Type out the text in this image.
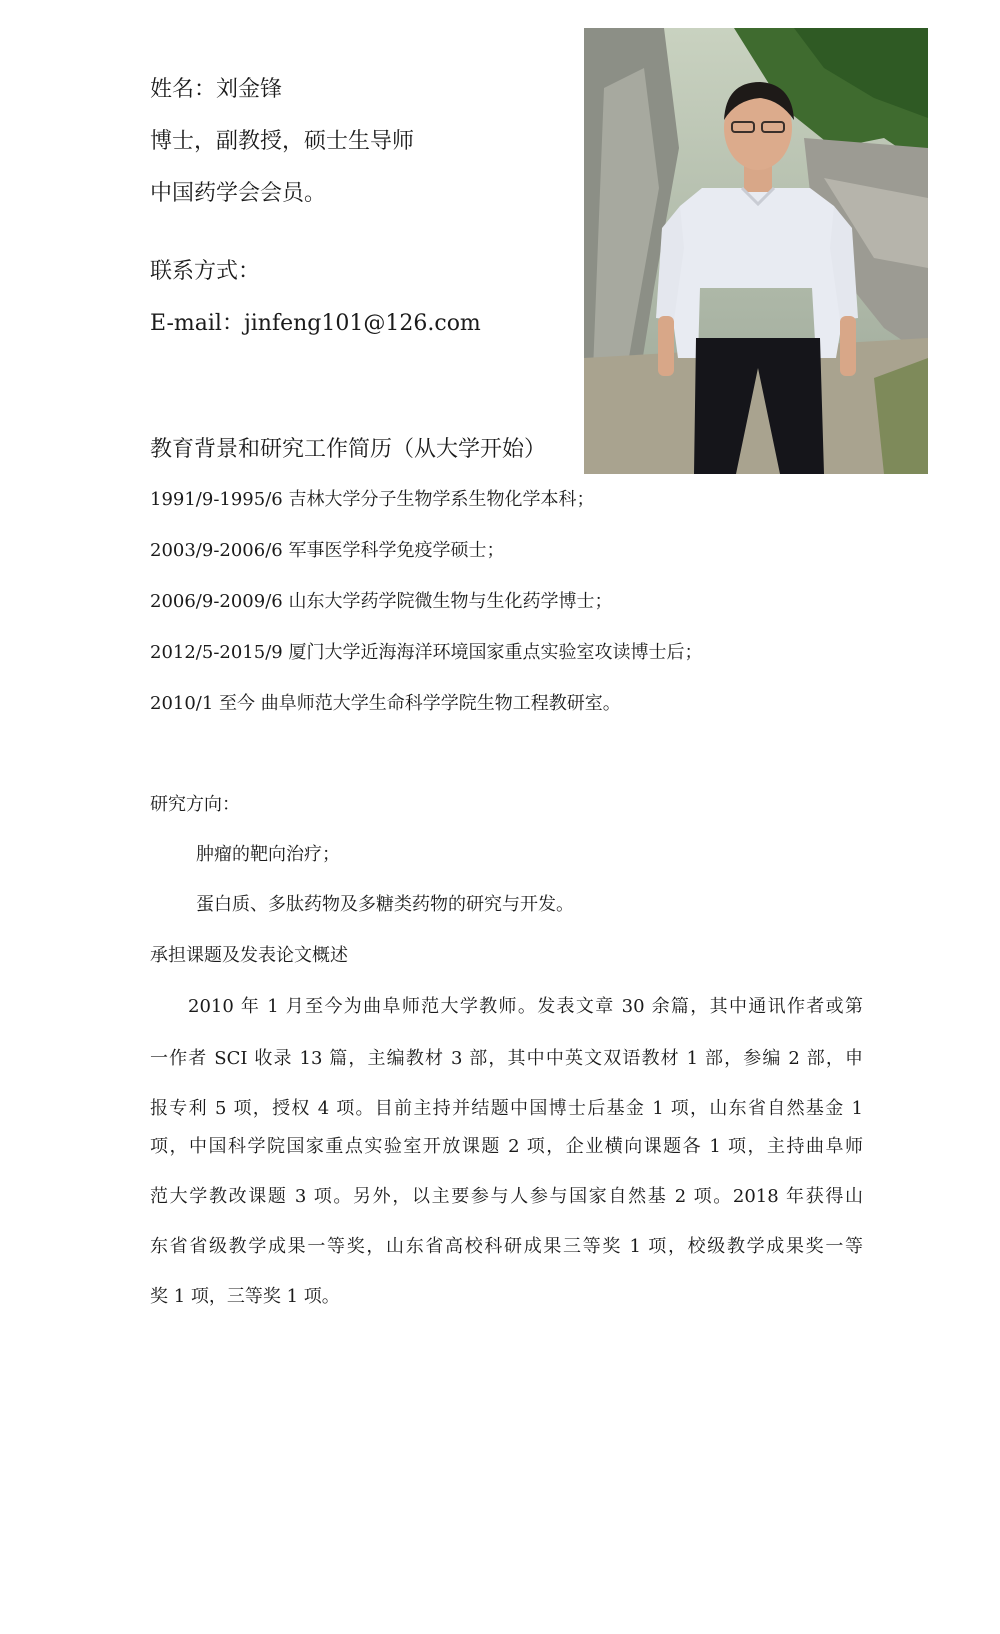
姓名：刘金锋
博士，副教授，硕士生导师
中国药学会会员。
联系方式：
E-mail：jinfeng101@126.com
教育背景和研究工作简历（从大学开始）
1991/9-1995/6 吉林大学分子生物学系生物化学本科；
2003/9-2006/6 军事医学科学免疫学硕士；
2006/9-2009/6 山东大学药学院微生物与生化药学博士；
2012/5-2015/9 厦门大学近海海洋环境国家重点实验室攻读博士后；
2010/1 至今 曲阜师范大学生命科学学院生物工程教研室。
研究方向：
肿瘤的靶向治疗；
蛋白质、多肽药物及多糖类药物的研究与开发。
承担课题及发表论文概述
2010 年 1 月至今为曲阜师范大学教师。发表文章 30 余篇，其中通讯作者或第
一作者 SCI 收录 13 篇，主编教材 3 部，其中中英文双语教材 1 部，参编 2 部，申
报专利 5 项，授权 4 项。目前主持并结题中国博士后基金 1 项，山东省自然基金 1
项，中国科学院国家重点实验室开放课题 2 项，企业横向课题各 1 项，主持曲阜师
范大学教改课题 3 项。另外，以主要参与人参与国家自然基 2 项。2018 年获得山
东省省级教学成果一等奖，山东省高校科研成果三等奖 1 项，校级教学成果奖一等
奖 1 项，三等奖 1 项。
